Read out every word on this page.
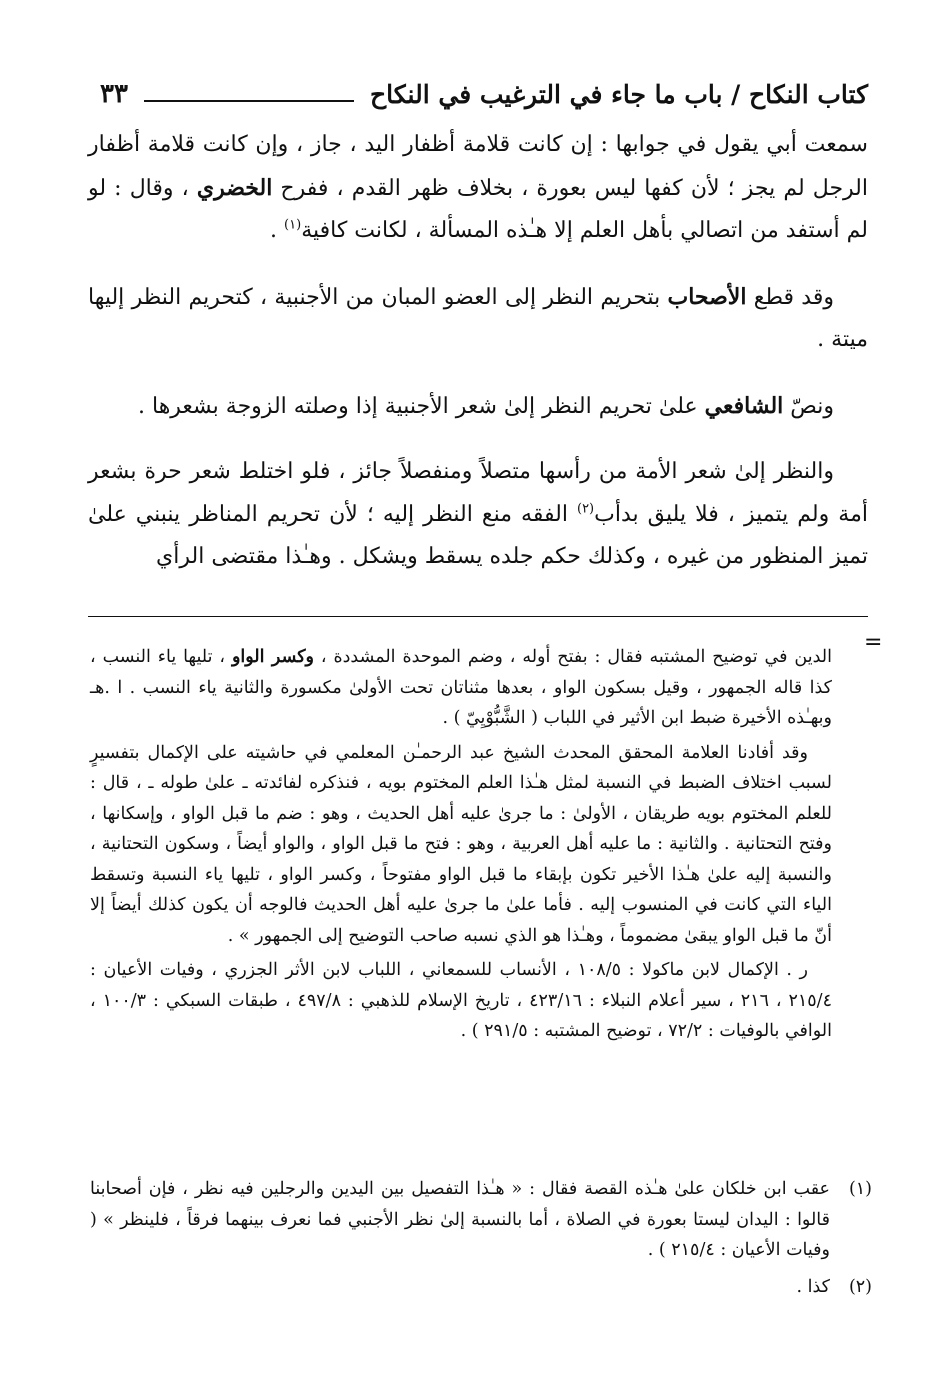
كتاب النكاح / باب ما جاء في الترغيب في النكاح
٣٣

سمعت أبي يقول في جوابها : إن كانت قلامة أظفار اليد ، جاز ، وإن كانت قلامة أظفار الرجل لم يجز ؛ لأن كفها ليس بعورة ، بخلاف ظهر القدم ، ففرح الخضري ، وقال : لو لم أستفد من اتصالي بأهل العلم إلا هـٰذه المسألة ، لكانت كافية$^{(١)}$ .

وقد قطع الأصحاب بتحريم النظر إلى العضو المبان من الأجنبية ، كتحريم النظر إليها ميتة .

ونصّ الشافعي علىٰ تحريم النظر إلىٰ شعر الأجنبية إذا وصلته الزوجة بشعرها .

والنظر إلىٰ شعر الأمة من رأسها متصلاً ومنفصلاً جائز ، فلو اختلط شعر حرة بشعر أمة ولم يتميز ، فلا يليق بدأب$^{(٢)}$ الفقه منع النظر إليه ؛ لأن تحريم المناظر ينبني علىٰ تميز المنظور من غيره ، وكذلك حكم جلده يسقط ويشكل . وهـٰذا مقتضى الرأي

=

الدين في توضيح المشتبه فقال : بفتح أوله ، وضم الموحدة المشددة ، وكسر الواو ، تليها ياء النسب ، كذا قاله الجمهور ، وقيل بسكون الواو ، بعدها مثناتان تحت الأولىٰ مكسورة والثانية ياء النسب . ا .هـ وبهـٰذه الأخيرة ضبط ابن الأثير في اللباب ( الشَّبُّوْيِيّ ) .

وقد أفادنا العلامة المحقق المحدث الشيخ عبد الرحمـٰن المعلمي في حاشيته على الإكمال بتفسيرٍ لسبب اختلاف الضبط في النسبة لمثل هـٰذا العلم المختوم بويه ، فنذكره لفائدته ـ علىٰ طوله ـ ، قال : للعلم المختوم بويه طريقان ، الأولىٰ : ما جرىٰ عليه أهل الحديث ، وهو : ضم ما قبل الواو ، وإسكانها ، وفتح التحتانية . والثانية : ما عليه أهل العربية ، وهو : فتح ما قبل الواو ، والواو أيضاً ، وسكون التحتانية ، والنسبة إليه علىٰ هـٰذا الأخير تكون بإبقاء ما قبل الواو مفتوحاً ، وكسر الواو ، تليها ياء النسبة وتسقط الياء التي كانت في المنسوب إليه . فأما علىٰ ما جرىٰ عليه أهل الحديث فالوجه أن يكون كذلك أيضاً إلا أنّ ما قبل الواو يبقىٰ مضموماً ، وهـٰذا هو الذي نسبه صاحب التوضيح إلى الجمهور » .

ر . الإكمال لابن ماكولا : ١٠٨/٥ ، الأنساب للسمعاني ، اللباب لابن الأثر الجزري ، وفيات الأعيان : ٢١٥/٤ ، ٢١٦ ، سير أعلام النبلاء : ٤٢٣/١٦ ، تاريخ الإسلام للذهبي : ٤٩٧/٨ ، طبقات السبكي : ١٠٠/٣ ، الوافي بالوفيات : ٧٢/٢ ، توضيح المشتبه : ٢٩١/٥ ) .

(١)
عقب ابن خلكان علىٰ هـٰذه القصة فقال : « هـٰذا التفصيل بين اليدين والرجلين فيه نظر ، فإن أصحابنا قالوا : اليدان ليستا بعورة في الصلاة ، أما بالنسبة إلىٰ نظر الأجنبي فما نعرف بينهما فرقاً ، فلينظر » ( وفيات الأعيان : ٢١٥/٤ ) .
(٢)
كذا .
